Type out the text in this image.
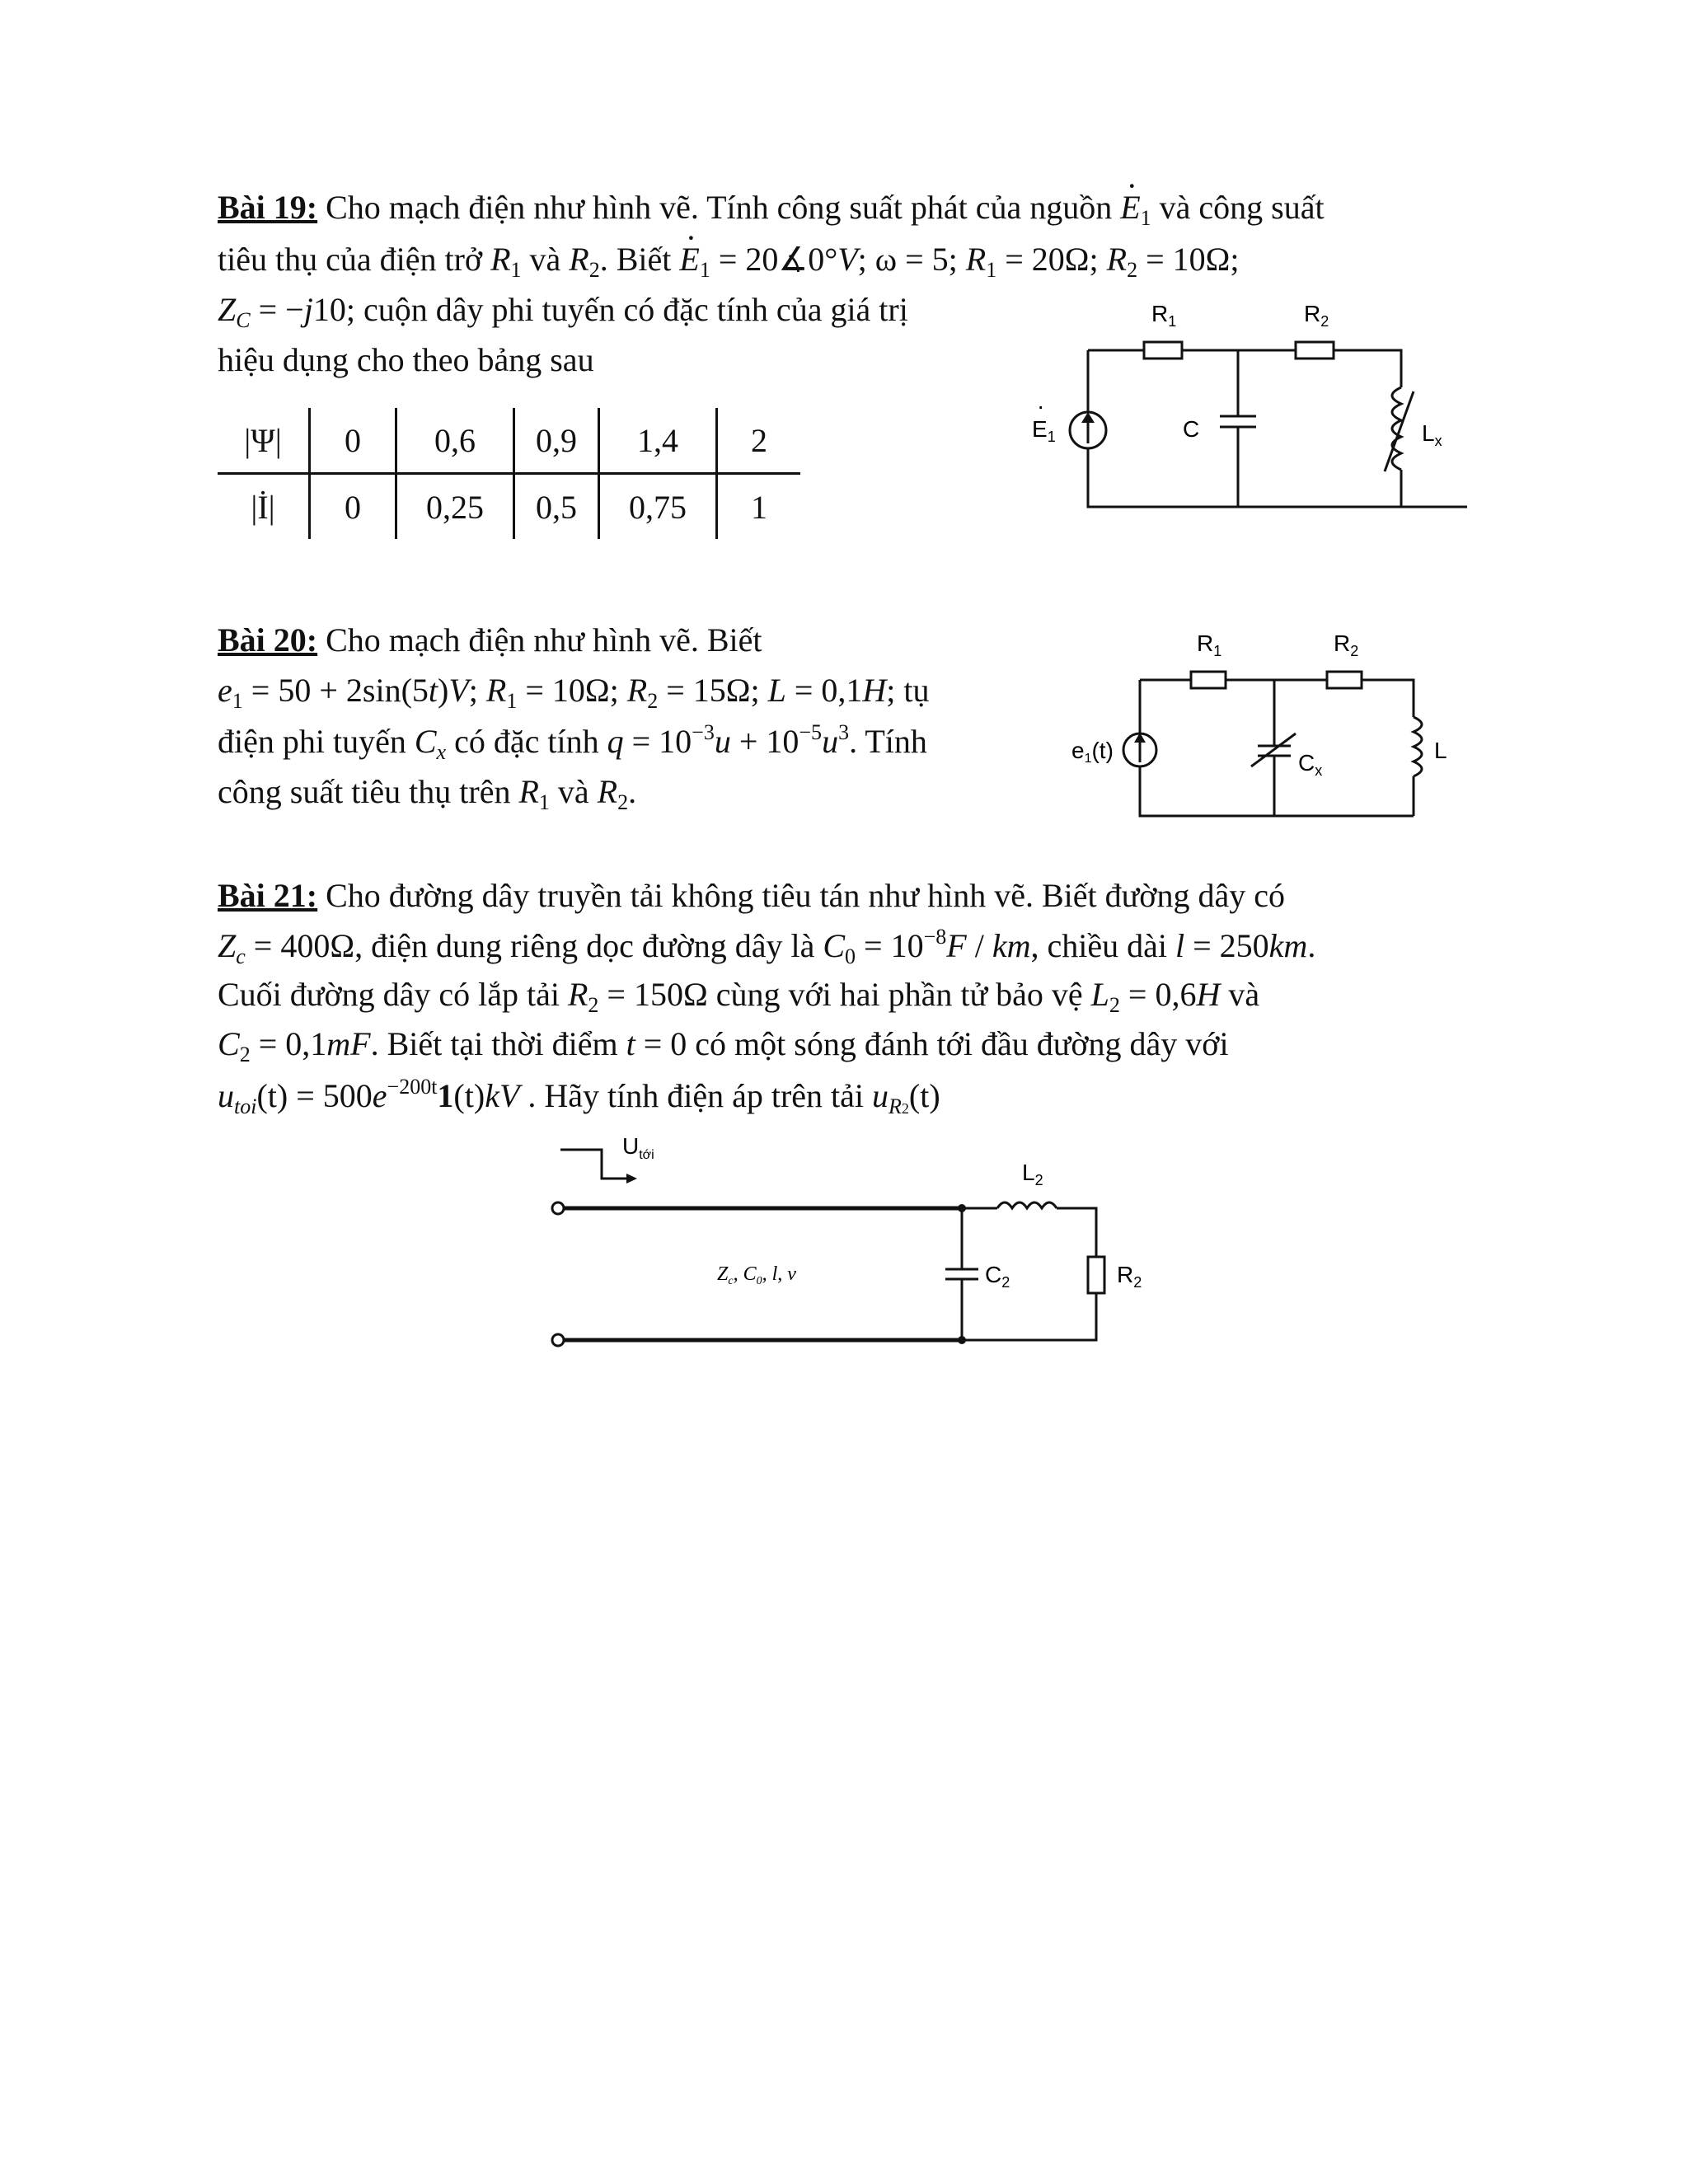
Bài 19: Cho mạch điện như hình vẽ. Tính công suất phát của nguồn · $E_1$ và công suất
tiêu thụ của điện trở $R_1$ và $R_2$. Biết · $E_1$ = 20∡0°V; ω = 5; $R_1 = 20\Omega$; $R_2 = 10\Omega$;
$Z_C = -j10$; cuộn dây phi tuyến có đặc tính của giá trị
hiệu dụng cho theo bảng sau
|Ψ|	0	0,6	0,9	1,4	2
|İ|	0	0,25	0,5	0,75	1
$R_1$	$R_2$
C
$E_1$
·
$L_x$
Bài 20: Cho mạch điện như hình vẽ. Biết
$e_1 = 50 + 2\sin(5t)V$; $R_1 = 10\Omega$; $R_2 = 15\Omega$; L = 0,1H; tụ
điện phi tuyến $C_x$ có đặc tính $q = 10^{-3}u + 10^{-5}u^3$. Tính
công suất tiêu thụ trên $R_1$ và $R_2$.
$R_1$	$R_2$
e1(t)	$C_x$
L
Bài 21: Cho đường dây truyền tải không tiêu tán như hình vẽ. Biết đường dây có
$Z_c = 400\Omega$, điện dung riêng dọc đường dây là $C_0 = 10^{-8}F$ / km, chiều dài l = 250km.
Cuối đường dây có lắp tải $R_2 = 150\Omega$ cùng với hai phần tử bảo vệ $L_2 = 0,6H$ và
$C_2 = 0,1mF$. Biết tại thời điểm t = 0 có một sóng đánh tới đầu đường dây với
$u_{toi}(t) = 500e^{-200t}1(t)kV$ . Hãy tính điện áp trên tải $u_{R2}(t)$
$U_{tới}$
$L_2$
$C_2$	$R_2$
$Z_c$, $C_0$, l, v
